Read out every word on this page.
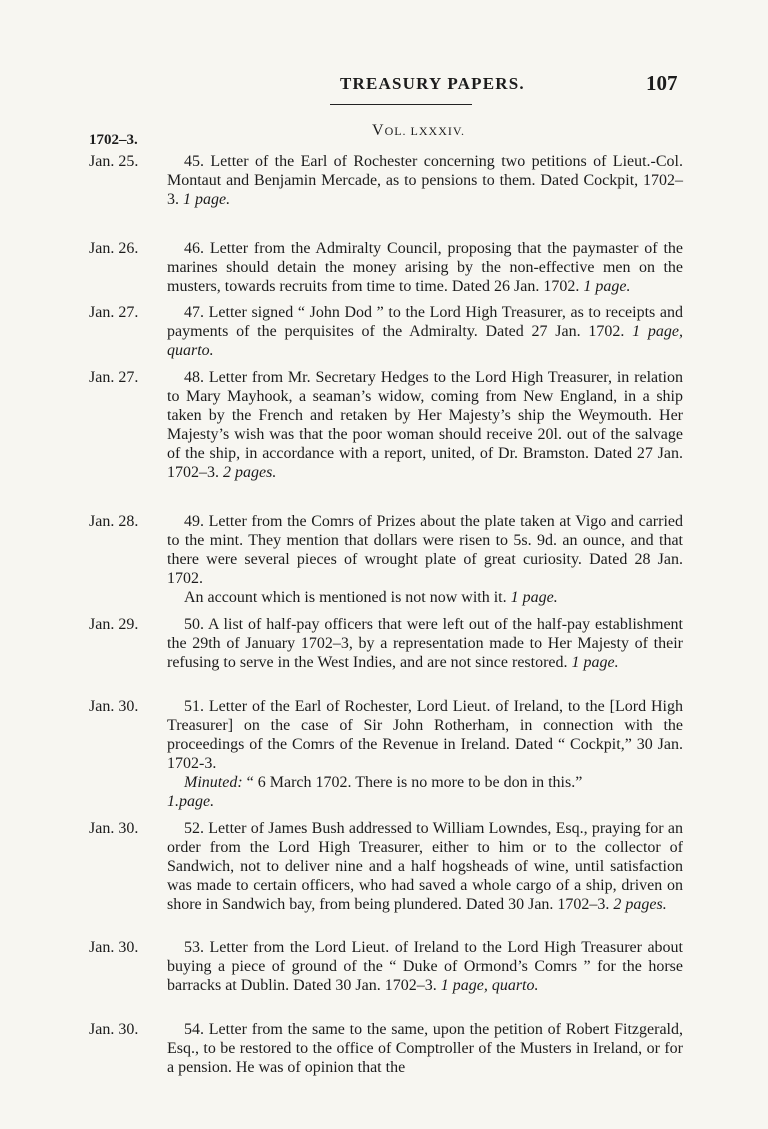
TREASURY PAPERS.	107
1702–3.
VOL. LXXXIV.
Jan. 25.	45. Letter of the Earl of Rochester concerning two petitions of Lieut.-Col. Montaut and Benjamin Mercade, as to pensions to them. Dated Cockpit, 1702–3. 1 page.
Jan. 26.	46. Letter from the Admiralty Council, proposing that the paymaster of the marines should detain the money arising by the non-effective men on the musters, towards recruits from time to time. Dated 26 Jan. 1702. 1 page.
Jan. 27.	47. Letter signed “ John Dod ” to the Lord High Treasurer, as to receipts and payments of the perquisites of the Admiralty. Dated 27 Jan. 1702. 1 page, quarto.
Jan. 27.	48. Letter from Mr. Secretary Hedges to the Lord High Treasurer, in relation to Mary Mayhook, a seaman’s widow, coming from New England, in a ship taken by the French and retaken by Her Majesty’s ship the Weymouth. Her Majesty’s wish was that the poor woman should receive 20l. out of the salvage of the ship, in accordance with a report, united, of Dr. Bramston. Dated 27 Jan. 1702–3. 2 pages.
Jan. 28.	49. Letter from the Comrs of Prizes about the plate taken at Vigo and carried to the mint. They mention that dollars were risen to 5s. 9d. an ounce, and that there were several pieces of wrought plate of great curiosity. Dated 28 Jan. 1702.
An account which is mentioned is not now with it. 1 page.
Jan. 29.	50. A list of half-pay officers that were left out of the half-pay establishment the 29th of January 1702–3, by a representation made to Her Majesty of their refusing to serve in the West Indies, and are not since restored. 1 page.
Jan. 30.	51. Letter of the Earl of Rochester, Lord Lieut. of Ireland, to the [Lord High Treasurer] on the case of Sir John Rotherham, in connection with the proceedings of the Comrs of the Revenue in Ireland. Dated “ Cockpit,” 30 Jan. 1702-3.
Minuted: “ 6 March 1702. There is no more to be don in this.”
1.page.
Jan. 30.	52. Letter of James Bush addressed to William Lowndes, Esq., praying for an order from the Lord High Treasurer, either to him or to the collector of Sandwich, not to deliver nine and a half hogsheads of wine, until satisfaction was made to certain officers, who had saved a whole cargo of a ship, driven on shore in Sandwich bay, from being plundered. Dated 30 Jan. 1702–3. 2 pages.
Jan. 30.	53. Letter from the Lord Lieut. of Ireland to the Lord High Treasurer about buying a piece of ground of the “ Duke of Ormond’s Comrs ” for the horse barracks at Dublin. Dated 30 Jan. 1702–3. 1 page, quarto.
Jan. 30.	54. Letter from the same to the same, upon the petition of Robert Fitzgerald, Esq., to be restored to the office of Comptroller of the Musters in Ireland, or for a pension. He was of opinion that the
